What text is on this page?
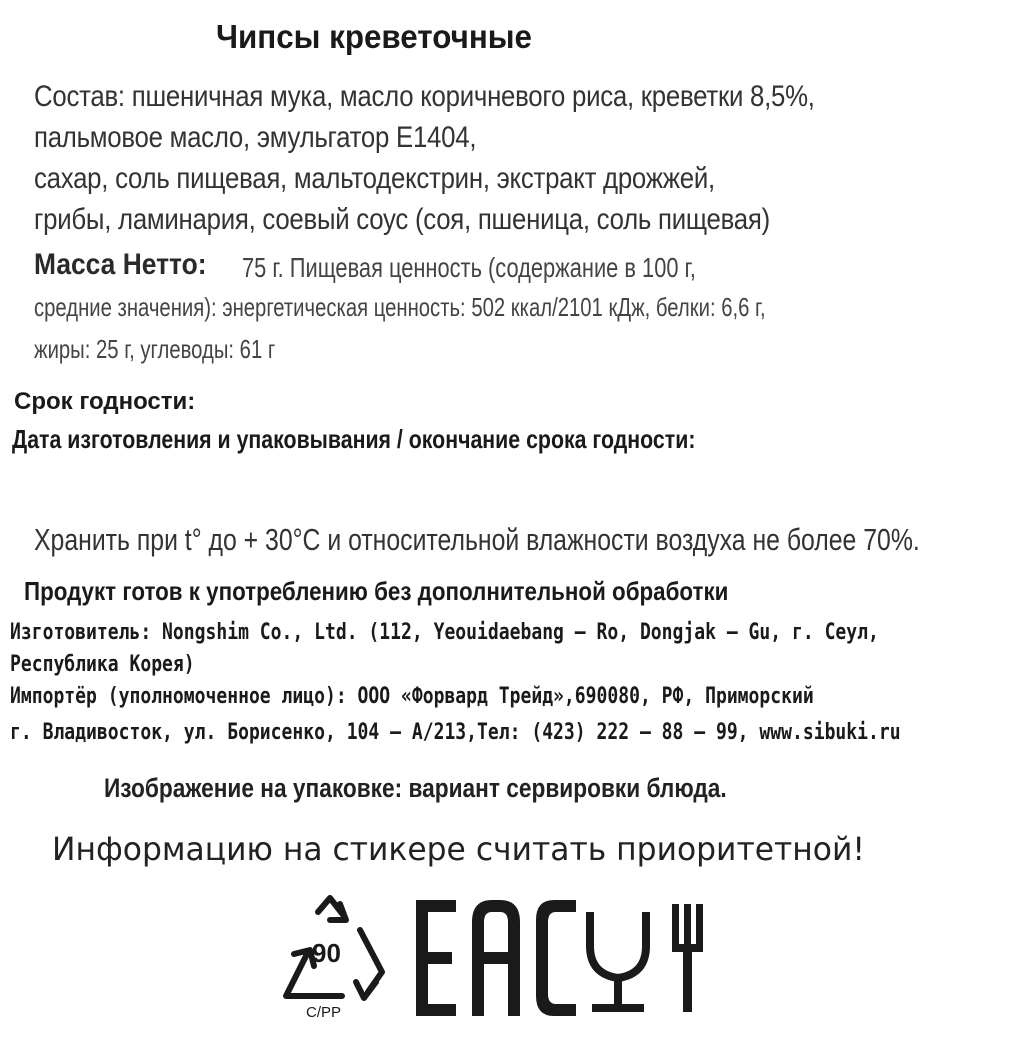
Чипсы креветочные
Состав: пшеничная мука, масло коричневого риса, креветки 8,5%,
пальмовое масло, эмульгатор Е1404,
сахар, соль пищевая, мальтодекстрин, экстракт дрожжей,
грибы, ламинария, соевый соус (соя, пшеница, соль пищевая)
Масса Нетто: 75 г. Пищевая ценность (содержание в 100 г,
средние значения): энергетическая ценность: 502 ккал/2101 кДж, белки: 6,6 г,
жиры: 25 г, углеводы: 61 г
Срок годности:
Дата изготовления и упаковывания / окончание срока годности:
Хранить при t° до + 30°С и относительной влажности воздуха не более 70%.
Продукт готов к употреблению без дополнительной обработки
Изготовитель: Nongshim Co., Ltd. (112, Yeouidaebang – Ro, Dongjak – Gu, г. Сеул,
Республика Корея)
Импортёр (уполномоченное лицо): ООО «Форвард Трейд»,690080, РФ, Приморский
г. Владивосток, ул. Борисенко, 104 – А/213,Тел: (423) 222 – 88 – 99, www.sibuki.ru
Изображение на упаковке: вариант сервировки блюда.
Информацию на стикере считать приоритетной!
90
C/PP
